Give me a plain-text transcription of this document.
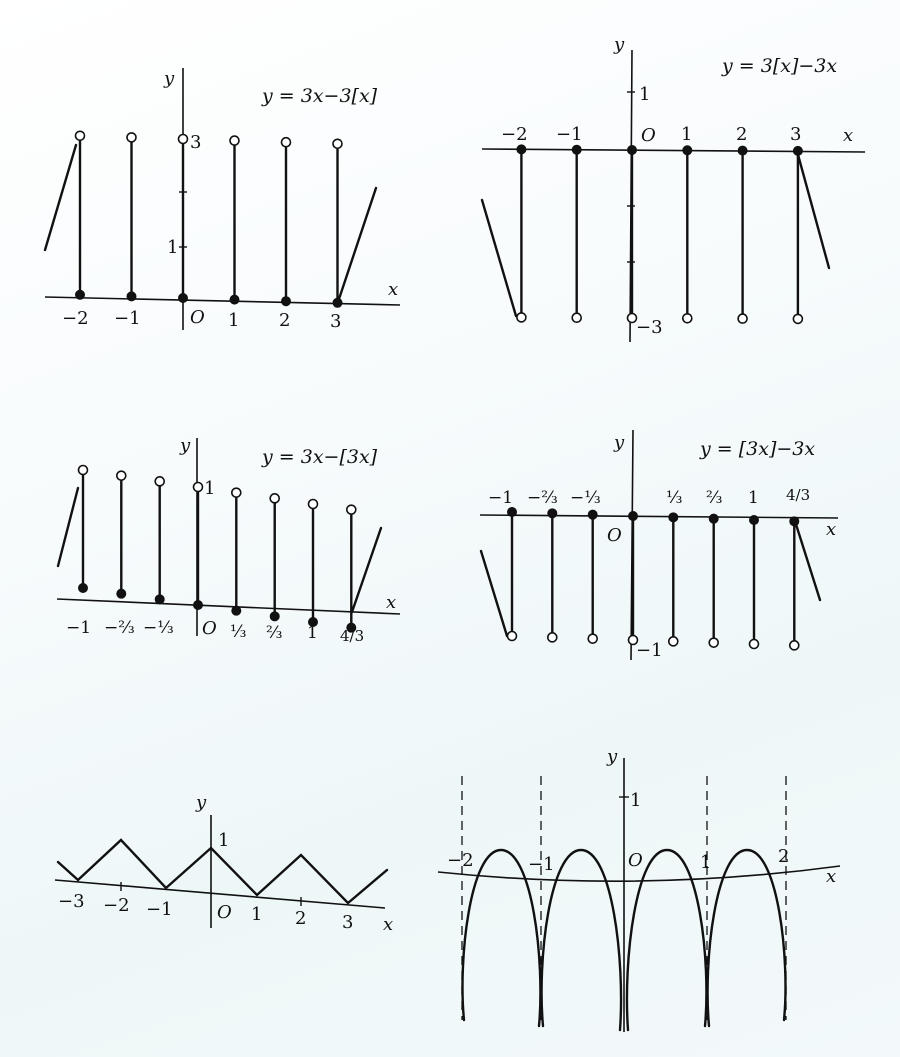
y = 3x−3[x]
y
x
O
−2 −1	1 2 3
1
3
y = 3[x]−3x
y
x
O
−2 −1	1 2 3
1
−3
y = 3x−[3x]
y
x
O
1
−1 −⅔ −⅓	⅓ ⅔ 1 4/3
y = [3x]−3x
y
x
O
−1
−1 −⅔ −⅓	⅓ ⅔ 1 4/3
y
x
O
1
−3 −2 −1	1 2 3
y
x
O
1
−2	−1	1	2
